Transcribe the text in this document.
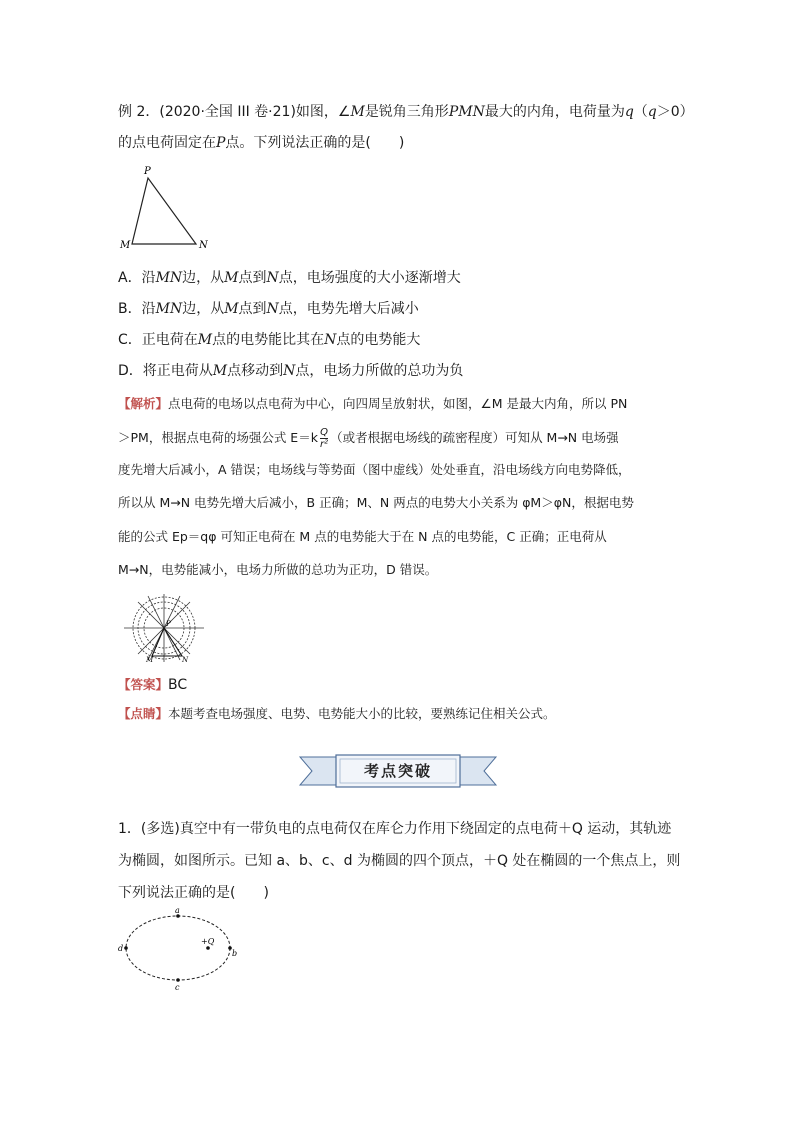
例 2．(2020·全国 III 卷·21)如图，∠M是锐角三角形PMN最大的内角，电荷量为q（q＞0）
的点电荷固定在P点。下列说法正确的是(　　)
P
M	N
A．沿MN边，从M点到N点，电场强度的大小逐渐增大
B．沿MN边，从M点到N点，电势先增大后减小
C．正电荷在M点的电势能比其在N点的电势能大
D．将正电荷从M点移动到N点，电场力所做的总功为负
【解析】点电荷的电场以点电荷为中心，向四周呈放射状，如图，∠M 是最大内角，所以 PN
＞PM，根据点电荷的场强公式 $E=k \frac{Q}{\text{r²}}$ （或者根据电场线的疏密程度）可知从 M→N 电场强
度先增大后减小，A 错误；电场线与等势面（图中虚线）处处垂直，沿电场线方向电势降低，
所以从 M→N 电势先增大后减小，B 正确；M、N 两点的电势大小关系为 φM＞φN，根据电势
能的公式 Ep＝qφ 可知正电荷在 M 点的电势能大于在 N 点的电势能，C 正确；正电荷从
M→N，电势能减小，电场力所做的总功为正功，D 错误。
P
M	N
【答案】BC
【点睛】本题考查电场强度、电势、电势能大小的比较，要熟练记住相关公式。
考点突破
1．(多选)真空中有一带负电的点电荷仅在库仑力作用下绕固定的点电荷＋Q 运动，其轨迹
为椭圆，如图所示。已知 a、b、c、d 为椭圆的四个顶点，＋Q 处在椭圆的一个焦点上，则
下列说法正确的是(　　)
a
b
c
d
+Q
